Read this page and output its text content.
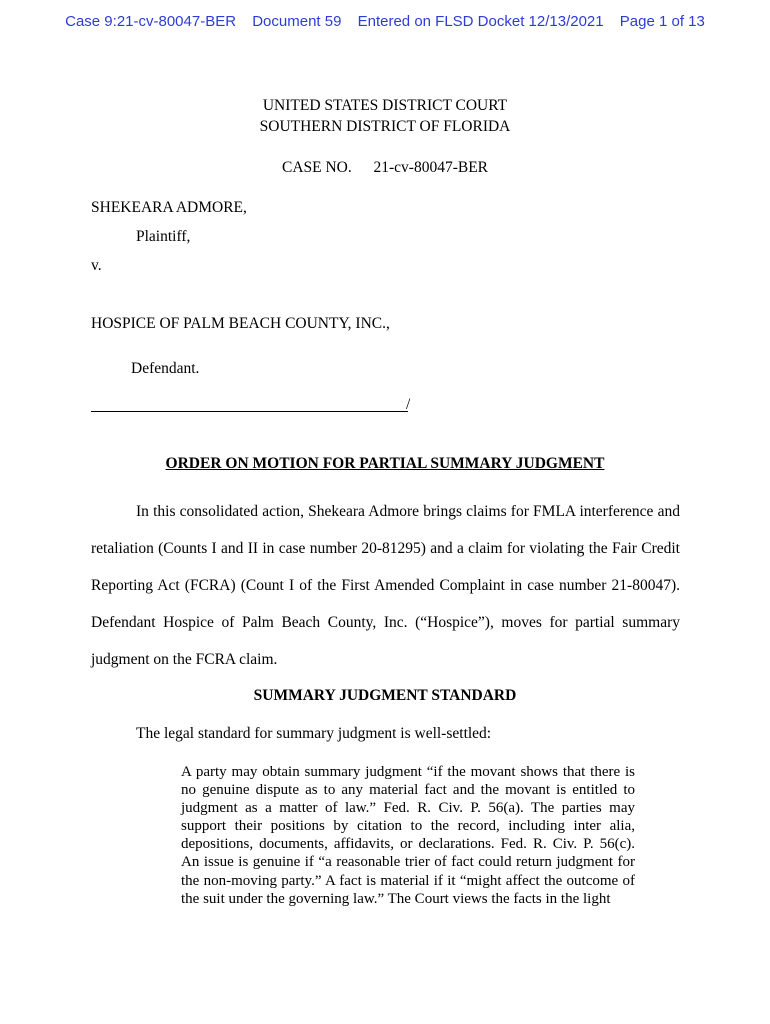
Case 9:21-cv-80047-BER Document 59 Entered on FLSD Docket 12/13/2021 Page 1 of 13
UNITED STATES DISTRICT COURT
SOUTHERN DISTRICT OF FLORIDA
CASE NO. 21-cv-80047-BER
SHEKEARA ADMORE,
Plaintiff,
v.
HOSPICE OF PALM BEACH COUNTY, INC.,
Defendant.
/
ORDER ON MOTION FOR PARTIAL SUMMARY JUDGMENT
In this consolidated action, Shekeara Admore brings claims for FMLA interference and retaliation (Counts I and II in case number 20-81295) and a claim for violating the Fair Credit Reporting Act (FCRA) (Count I of the First Amended Complaint in case number 21-80047). Defendant Hospice of Palm Beach County, Inc. (“Hospice”), moves for partial summary judgment on the FCRA claim.
SUMMARY JUDGMENT STANDARD
The legal standard for summary judgment is well-settled:
A party may obtain summary judgment “if the movant shows that there is no genuine dispute as to any material fact and the movant is entitled to judgment as a matter of law.” Fed. R. Civ. P. 56(a). The parties may support their positions by citation to the record, including inter alia, depositions, documents, affidavits, or declarations. Fed. R. Civ. P. 56(c). An issue is genuine if “a reasonable trier of fact could return judgment for the non-moving party.” A fact is material if it “might affect the outcome of the suit under the governing law.” The Court views the facts in the light
